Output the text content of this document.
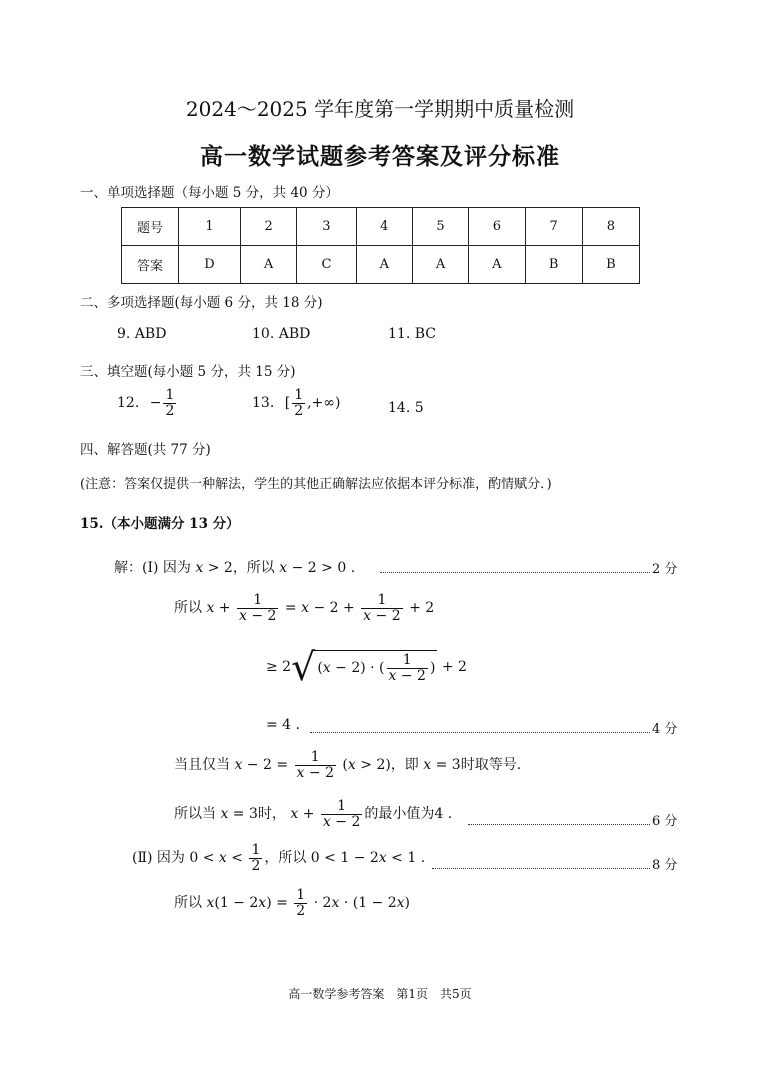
2024～2025 学年度第一学期期中质量检测
高一数学试题参考答案及评分标准
一、单项选择题（每小题 5 分，共 40 分）
题号	1	2	3	4	5	6	7	8
答案	D	A	C	A	A	A	B	B
二、多项选择题(每小题 6 分，共 18 分)
9. ABD	10. ABD	11. BC
三、填空题(每小题 5 分，共 15 分)
12. − $\frac{1}{2}$	13. [ $\frac{1}{2}$ ,+∞)	14. 5
四、解答题(共 77 分)
(注意：答案仅提供一种解法，学生的其他正确解法应依据本评分标准，酌情赋分．)
15.（本小题满分 13 分）
解：(Ⅰ) 因为 x > 2，所以 x − 2 > 0 .	2 分
所以 $x + \frac{1}{x - 2} = x - 2 + \frac{1}{x - 2} + 2$
≥ 2√ (x − 2) · ( $\frac{1}{x - 2}$ ) + 2
= 4 .	4 分
当且仅当 $x - 2 = \frac{1}{x - 2} (x > 2)$，即 x = 3时取等号.
所以当 x = 3时， $x + \frac{1}{x - 2}$ 的最小值为4 .	6 分
(Ⅱ) 因为 $0 < x < \frac{1}{2}$ ，所以 0 < 1 − 2x < 1 .	8 分
所以 $x(1 - 2x) = \frac{1}{2} \cdot 2x \cdot (1 - 2x)$
高一数学参考答案　第1页　共5页
